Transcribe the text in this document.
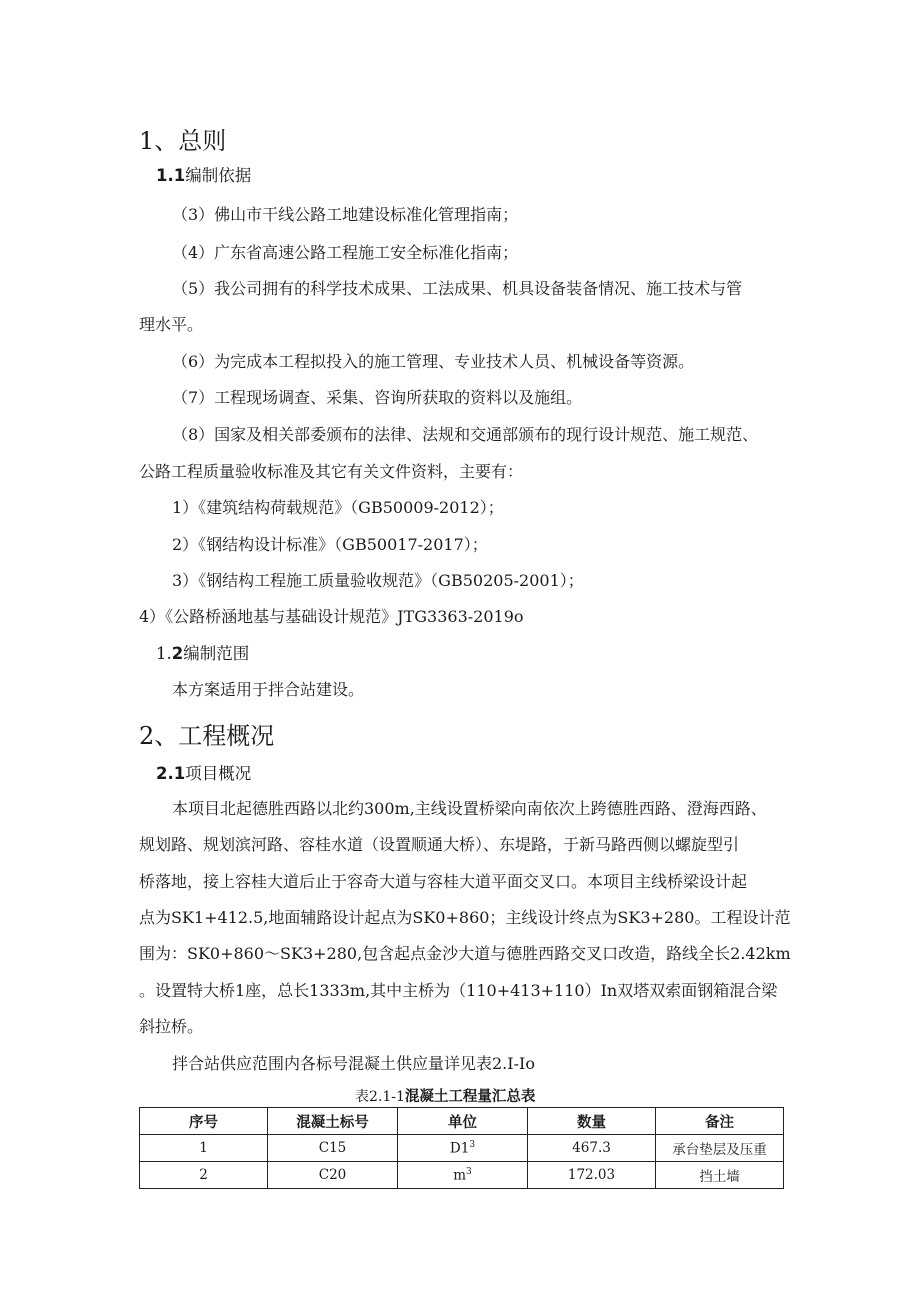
1、总则
1.1编制依据
（3）佛山市干线公路工地建设标准化管理指南；
（4）广东省高速公路工程施工安全标准化指南；
（5）我公司拥有的科学技术成果、工法成果、机具设备装备情况、施工技术与管
理水平。
（6）为完成本工程拟投入的施工管理、专业技术人员、机械设备等资源。
（7）工程现场调查、采集、咨询所获取的资料以及施组。
（8）国家及相关部委颁布的法律、法规和交通部颁布的现行设计规范、施工规范、
公路工程质量验收标准及其它有关文件资料，主要有：
1）《建筑结构荷载规范》（GB50009-2012）；
2）《钢结构设计标准》（GB50017-2017）；
3）《钢结构工程施工质量验收规范》（GB50205-2001）；
4）《公路桥涵地基与基础设计规范》JTG3363-2019o
1.2编制范围
本方案适用于拌合站建设。
2、工程概况
2.1项目概况
本项目北起德胜西路以北约300m,主线设置桥梁向南依次上跨德胜西路、澄海西路、
规划路、规划滨河路、容桂水道（设置顺通大桥）、东堤路，于新马路西侧以螺旋型引
桥落地，接上容桂大道后止于容奇大道与容桂大道平面交叉口。本项目主线桥梁设计起
点为SK1+412.5,地面辅路设计起点为SK0+860；主线设计终点为SK3+280。工程设计范
围为：SK0+860～SK3+280,包含起点金沙大道与德胜西路交叉口改造，路线全长2.42km
。设置特大桥1座，总长1333m,其中主桥为（110+413+110）In双塔双索面钢箱混合梁
斜拉桥。
拌合站供应范围内各标号混凝土供应量详见表2.I-Io
表2.1-1混凝土工程量汇总表
序号	混凝土标号	单位	数量	备注
1	C15	$D1^3$	467.3	承台垫层及压重
2	C20	$m^3$	172.03	挡土墙
